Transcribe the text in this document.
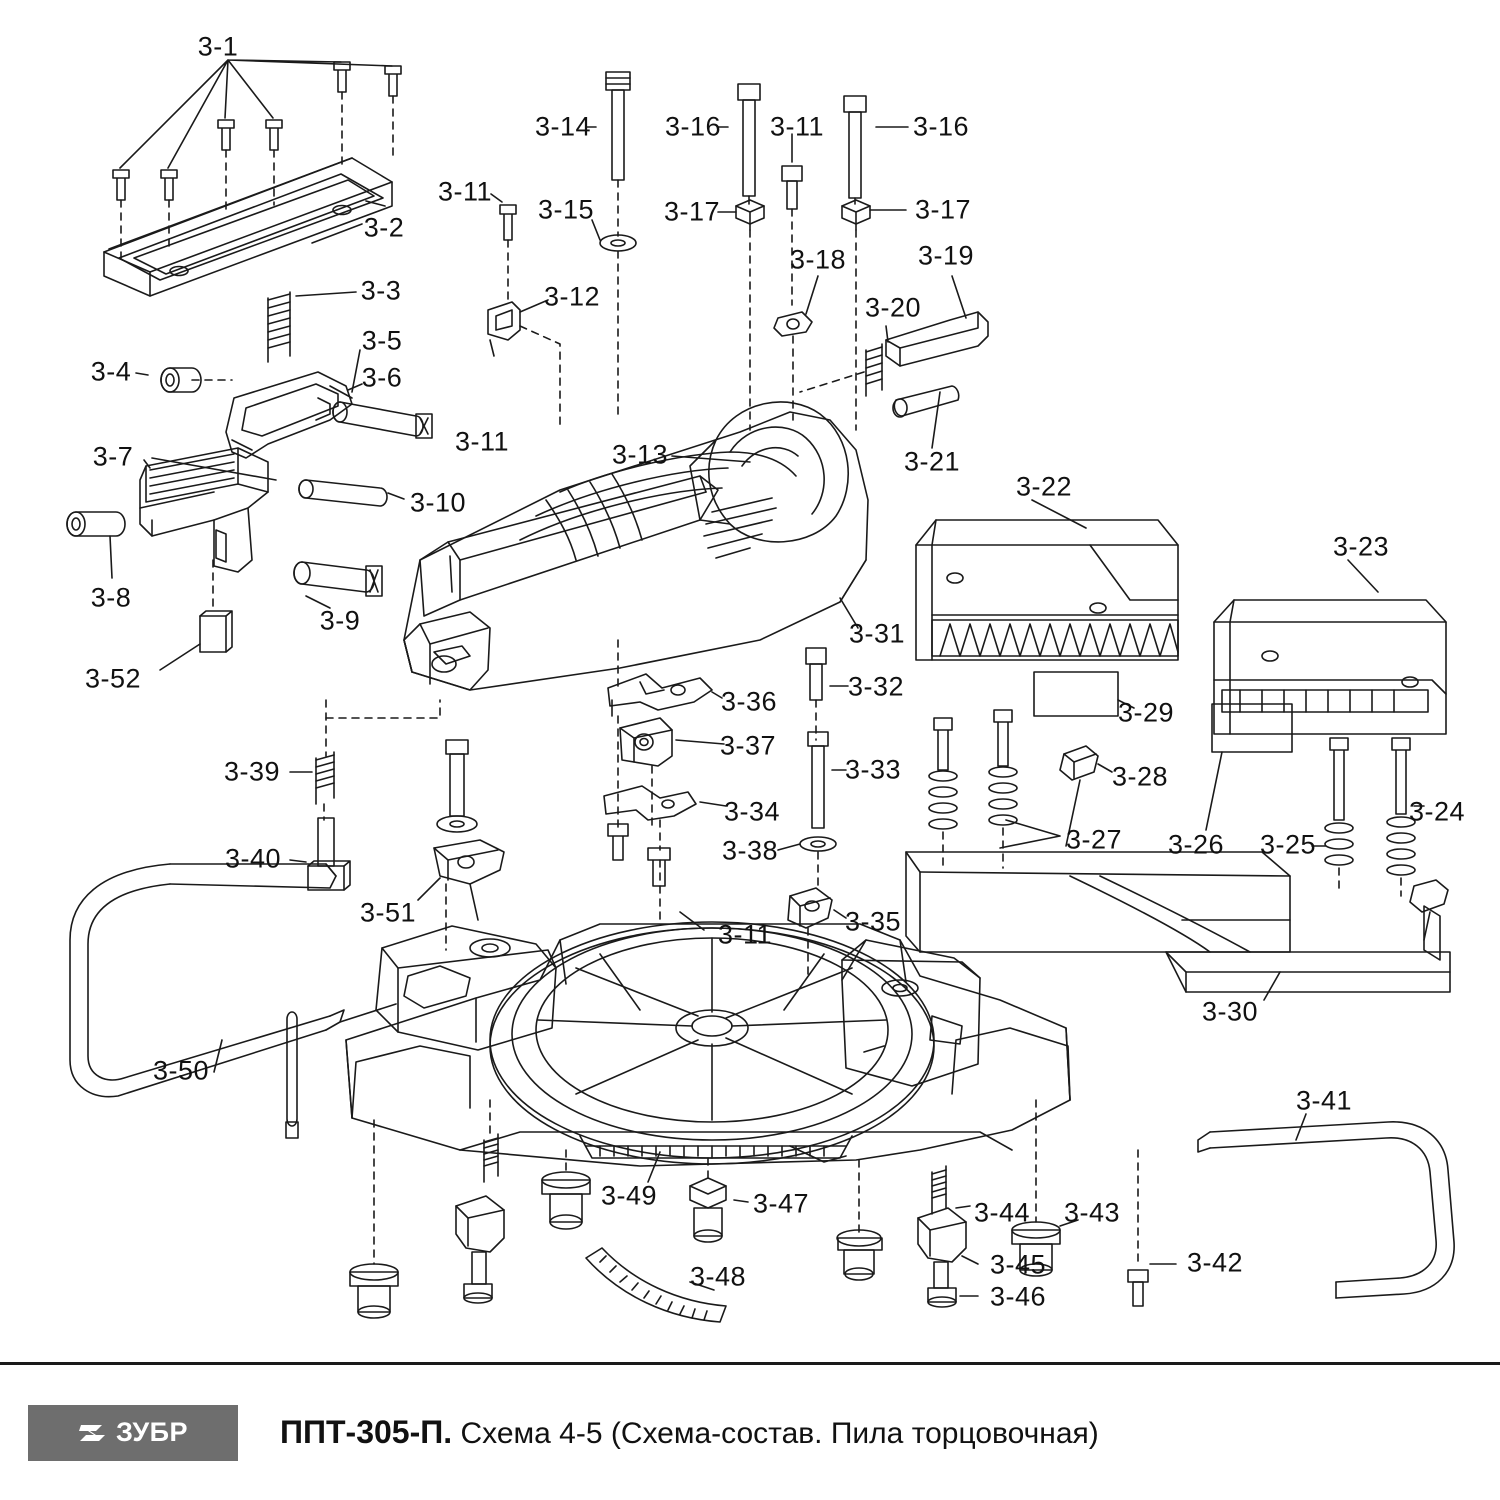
3-1
3-2
3-3
3-4
3-5
3-6
3-7
3-8
3-9
3-10
3-11
3-12
3-13
3-14
3-15
3-16
3-17
3-11
3-11	3-16
3-17
3-18	3-19
3-20
3-21
3-22
3-23
3-24
3-25
3-26
3-27
3-28
3-29
3-30
3-31
3-32
3-33
3-34
3-35
3-36
3-37
3-38
3-11
3-39
3-40
3-41
3-42
3-43
3-44
3-45
3-46
3-47
3-48
3-49
3-50
3-51
3-52
ЗУБР	ППТ-305-П. Схема 4-5 (Схема-состав. Пила торцовочная)
